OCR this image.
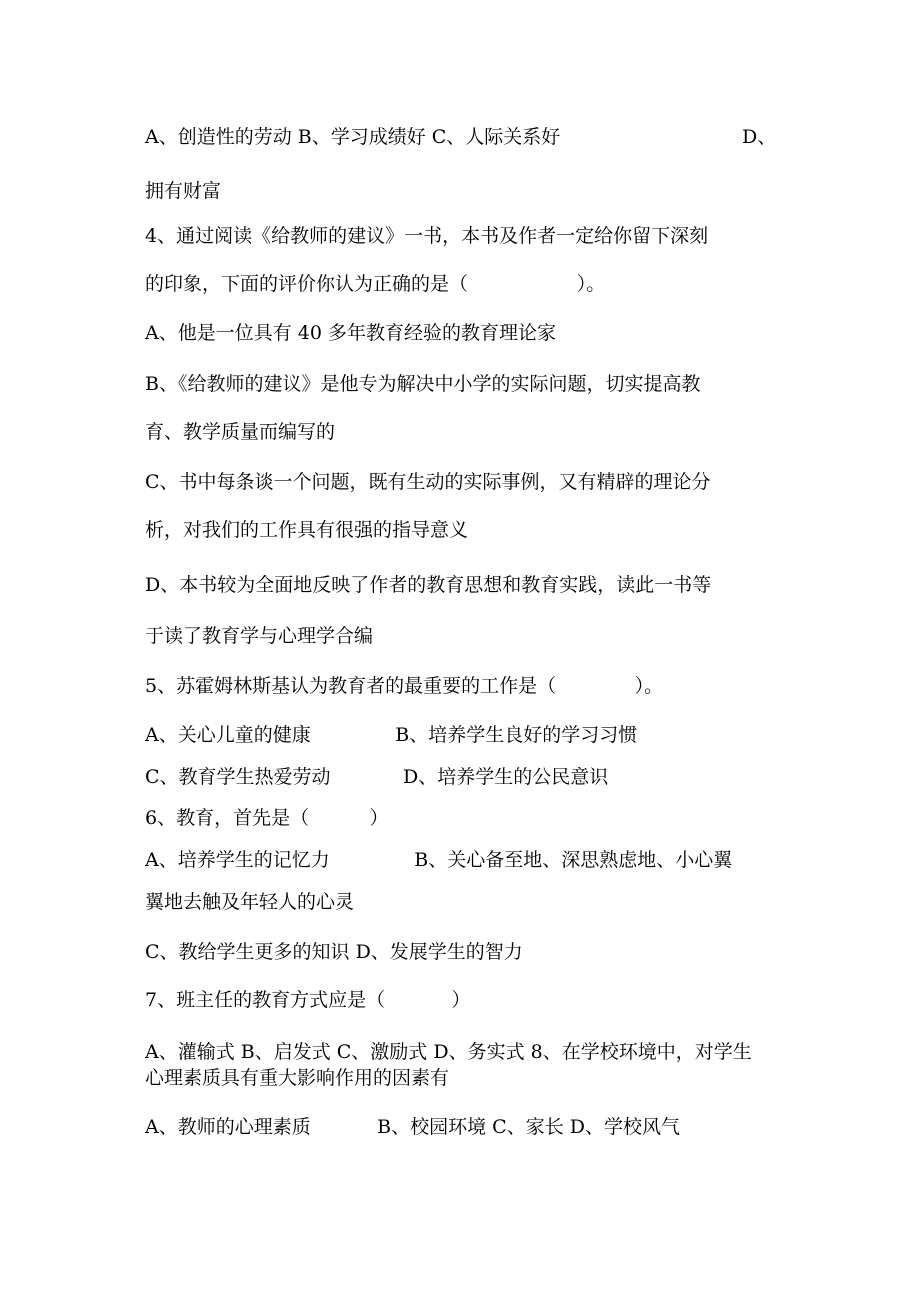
A、创造性的劳动 B、学习成绩好 C、人际关系好	D、

拥有财富

4、通过阅读《给教师的建议》一书，本书及作者一定给你留下深刻

的印象，下面的评价你认为正确的是（                  ）。

A、他是一位具有 40 多年教育经验的教育理论家

B、《给教师的建议》是他专为解决中小学的实际问题，切实提高教

育、教学质量而编写的

C、书中每条谈一个问题，既有生动的实际事例，又有精辟的理论分

析，对我们的工作具有很强的指导意义

D、本书较为全面地反映了作者的教育思想和教育实践，读此一书等

于读了教育学与心理学合编

5、苏霍姆林斯基认为教育者的最重要的工作是（             ）。

A、关心儿童的健康              B、培养学生良好的学习习惯

C、教育学生热爱劳动            D、培养学生的公民意识

6、教育，首先是（          ）

A、培养学生的记忆力              B、关心备至地、深思熟虑地、小心翼

翼地去触及年轻人的心灵

C、教给学生更多的知识 D、发展学生的智力

7、班主任的教育方式应是（           ）

A、灌输式 B、启发式 C、激励式 D、务实式 8、在学校环境中，对学生

心理素质具有重大影响作用的因素有

A、教师的心理素质           B、校园环境 C、家长 D、学校风气
